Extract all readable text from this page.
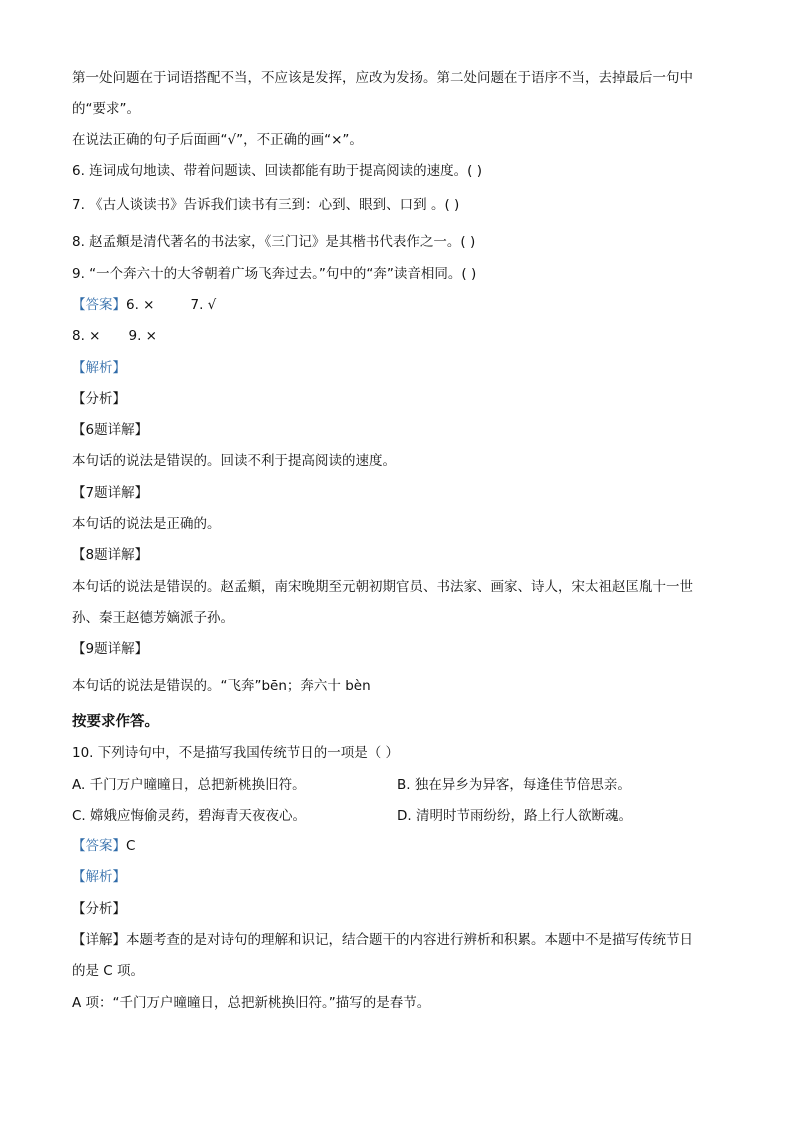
第一处问题在于词语搭配不当，不应该是发挥，应改为发扬。第二处问题在于语序不当，去掉最后一句中
的“要求”。
在说法正确的句子后面画“√”，不正确的画“×”。
6. 连词成句地读、带着问题读、回读都能有助于提高阅读的速度。( )
7. 《古人谈读书》告诉我们读书有三到：心到、眼到、口到 。( )
8. 赵孟頫是清代著名的书法家，《三门记》是其楷书代表作之一。( )
9. “一个奔六十的大爷朝着广场飞奔过去。”句中的“奔”读音相同。( )
【答案】6. ×	7. √
8. × 9. ×
【解析】
【分析】
【6题详解】
本句话的说法是错误的。回读不利于提高阅读的速度。
【7题详解】
本句话的说法是正确的。
【8题详解】
本句话的说法是错误的。赵孟頫，南宋晚期至元朝初期官员、书法家、画家、诗人，宋太祖赵匡胤十一世
孙、秦王赵德芳嫡派子孙。
【9题详解】
本句话的说法是错误的。“飞奔”bēn；奔六十 bèn
按要求作答。
10. 下列诗句中，不是描写我国传统节日的一项是（ ）
A. 千门万户曈曈日，总把新桃换旧符。	B. 独在异乡为异客，每逢佳节倍思亲。
C. 嫦娥应悔偷灵药，碧海青天夜夜心。	D. 清明时节雨纷纷，路上行人欲断魂。
【答案】C
【解析】
【分析】
【详解】本题考查的是对诗句的理解和识记，结合题干的内容进行辨析和积累。本题中不是描写传统节日
的是 C 项。
A 项：“千门万户曈曈日，总把新桃换旧符。”描写的是春节。
